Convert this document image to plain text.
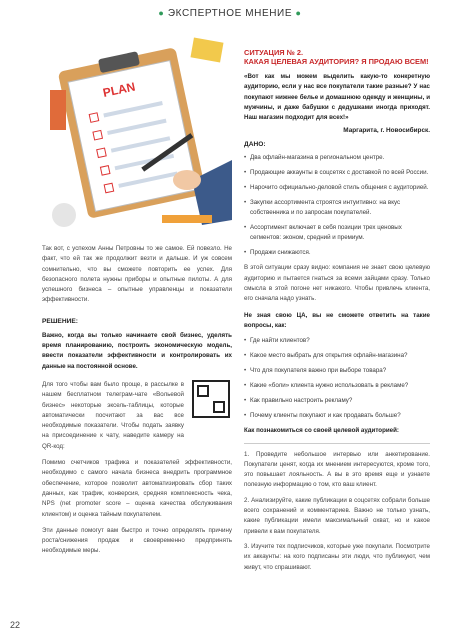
● ЭКСПЕРТНОЕ МНЕНИЕ ●
PLAN

Так вот, с успехом Анны Петровны то же самое. Ей повезло. Не факт, что ей так же продолжит везти и дальше. И уж совсем сомнительно, что вы сможете повторить ее успех. Для безопасного полета нужны приборы и опытные пилоты. А для успешного бизнеса – опытные управленцы и показатели эффективности.

РЕШЕНИЕ:

Важно, когда вы только начинаете свой бизнес, уделять время планированию, построить экономическую модель, ввести показатели эффективности и контролировать их данные на постоянной основе.

Для того чтобы вам было проще, в рассылке в нашем бесплатном телеграм-чате «Вольевой бизнес» некоторые эксель-таблицы, которые автоматически посчитают за вас все необходимые показатели. Чтобы подать заявку на присоединение к чату, наведите камеру на QR-код:

Помимо счетчиков трафика и показателей эффективности, необходимо с самого начала бизнеса внедрить программное обеспечение, которое позволит автоматизировать сбор таких данных, как трафик, конверсия, средняя комплексность чека, NPS (net promoter score – оценка качества обслуживания клиентом) и оценка тайным покупателем.

Эти данные помогут вам быстро и точно определять причину роста/снижения продаж и своевременно предпринять необходимые меры.

СИТУАЦИЯ № 2.
КАКАЯ ЦЕЛЕВАЯ АУДИТОРИЯ? Я ПРОДАЮ ВСЕМ!

«Вот как мы можем выделить какую-то конкретную аудиторию, если у нас все покупатели такие разные? У нас покупают нижнее белье и домашнюю одежду и женщины, и мужчины, и даже бабушки с дедушками иногда приходят. Наш магазин подходит для всех!»

Маргарита, г. Новосибирск.
ДАНО:
• Два офлайн-магазина в региональном центре.
• Продающие аккаунты в соцсетях с доставкой по всей России.
• Нарочито официально-деловой стиль общения с аудиторией.
• Закупки ассортимента строятся интуитивно: на вкус собственника и по запросам покупателей.
• Ассортимент включает в себя позиции трех ценовых сегментов: эконом, средний и премиум.
• Продажи снижаются.

В этой ситуации сразу видно: компания не знает свою целевую аудиторию и пытается гнаться за всеми зайцами сразу. Только смысла в этой погоне нет никакого. Чтобы привлечь клиента, его сначала надо узнать.

Не зная свою ЦА, вы не сможете ответить на такие вопросы, как:

• Где найти клиентов?
• Какое место выбрать для открытия офлайн-магазина?
• Что для покупателя важно при выборе товара?
• Какие «боли» клиента нужно использовать в рекламе?
• Как правильно настроить рекламу?
• Почему клиенты покупают и как продавать больше?

Как познакомиться со своей целевой аудиторией:

1. Проведите небольшое интервью или анкетирование. Покупатели ценят, когда их мнением интересуются, кроме того, это повышает лояльность. А вы в это время еще и узнаете полезную информацию о том, кто ваш клиент.

2. Анализируйте, какие публикации в соцсетях собрали больше всего сохранений и комментариев. Важно не только узнать, какие публикации имели максимальный охват, но и какое привели к вам покупателя.

3. Изучите тех подписчиков, которые уже покупали. Посмотрите их аккаунты: на кого подписаны эти люди, что публикуют, чем живут, что спрашивают.

22
